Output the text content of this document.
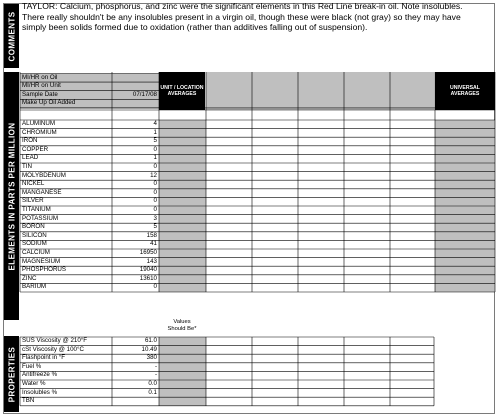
COMMENTS
TAYLOR: Calcium, phosphorus, and zinc were the significant elements in this Red Line break-in oil. Note insolubles. There really shouldn't be any insolubles present in a virgin oil, though these were black (not gray) so they may have simply been solids formed due to oxidation (rather than additives falling out of suspension).
ELEMENTS IN PARTS PER MILLION
PROPERTIES
UNIT / LOCATION AVERAGES
UNIVERSAL AVERAGES
MI/HR on Oil
MI/HR on Unit
Sample Date	07/17/08
Make Up Oil Added
ALUMINUM	4
CHROMIUM	1
IRON	5
COPPER	0
LEAD	1
TIN	0
MOLYBDENUM	12
NICKEL	0
MANGANESE	0
SILVER	0
TITANIUM	0
POTASSIUM	3
BORON	5
SILICON	158
SODIUM	41
CALCIUM	16950
MAGNESIUM	143
PHOSPHORUS	19040
ZINC	13610
BARIUM	0
Values
Should Be*
SUS Viscosity @ 210°F	61.0
cSt Viscosity @ 100°C	10.49
Flashpoint in °F	380
Fuel %	-
Antifreeze %	-
Water %	0.0
Insolubles %	0.1
TBN
